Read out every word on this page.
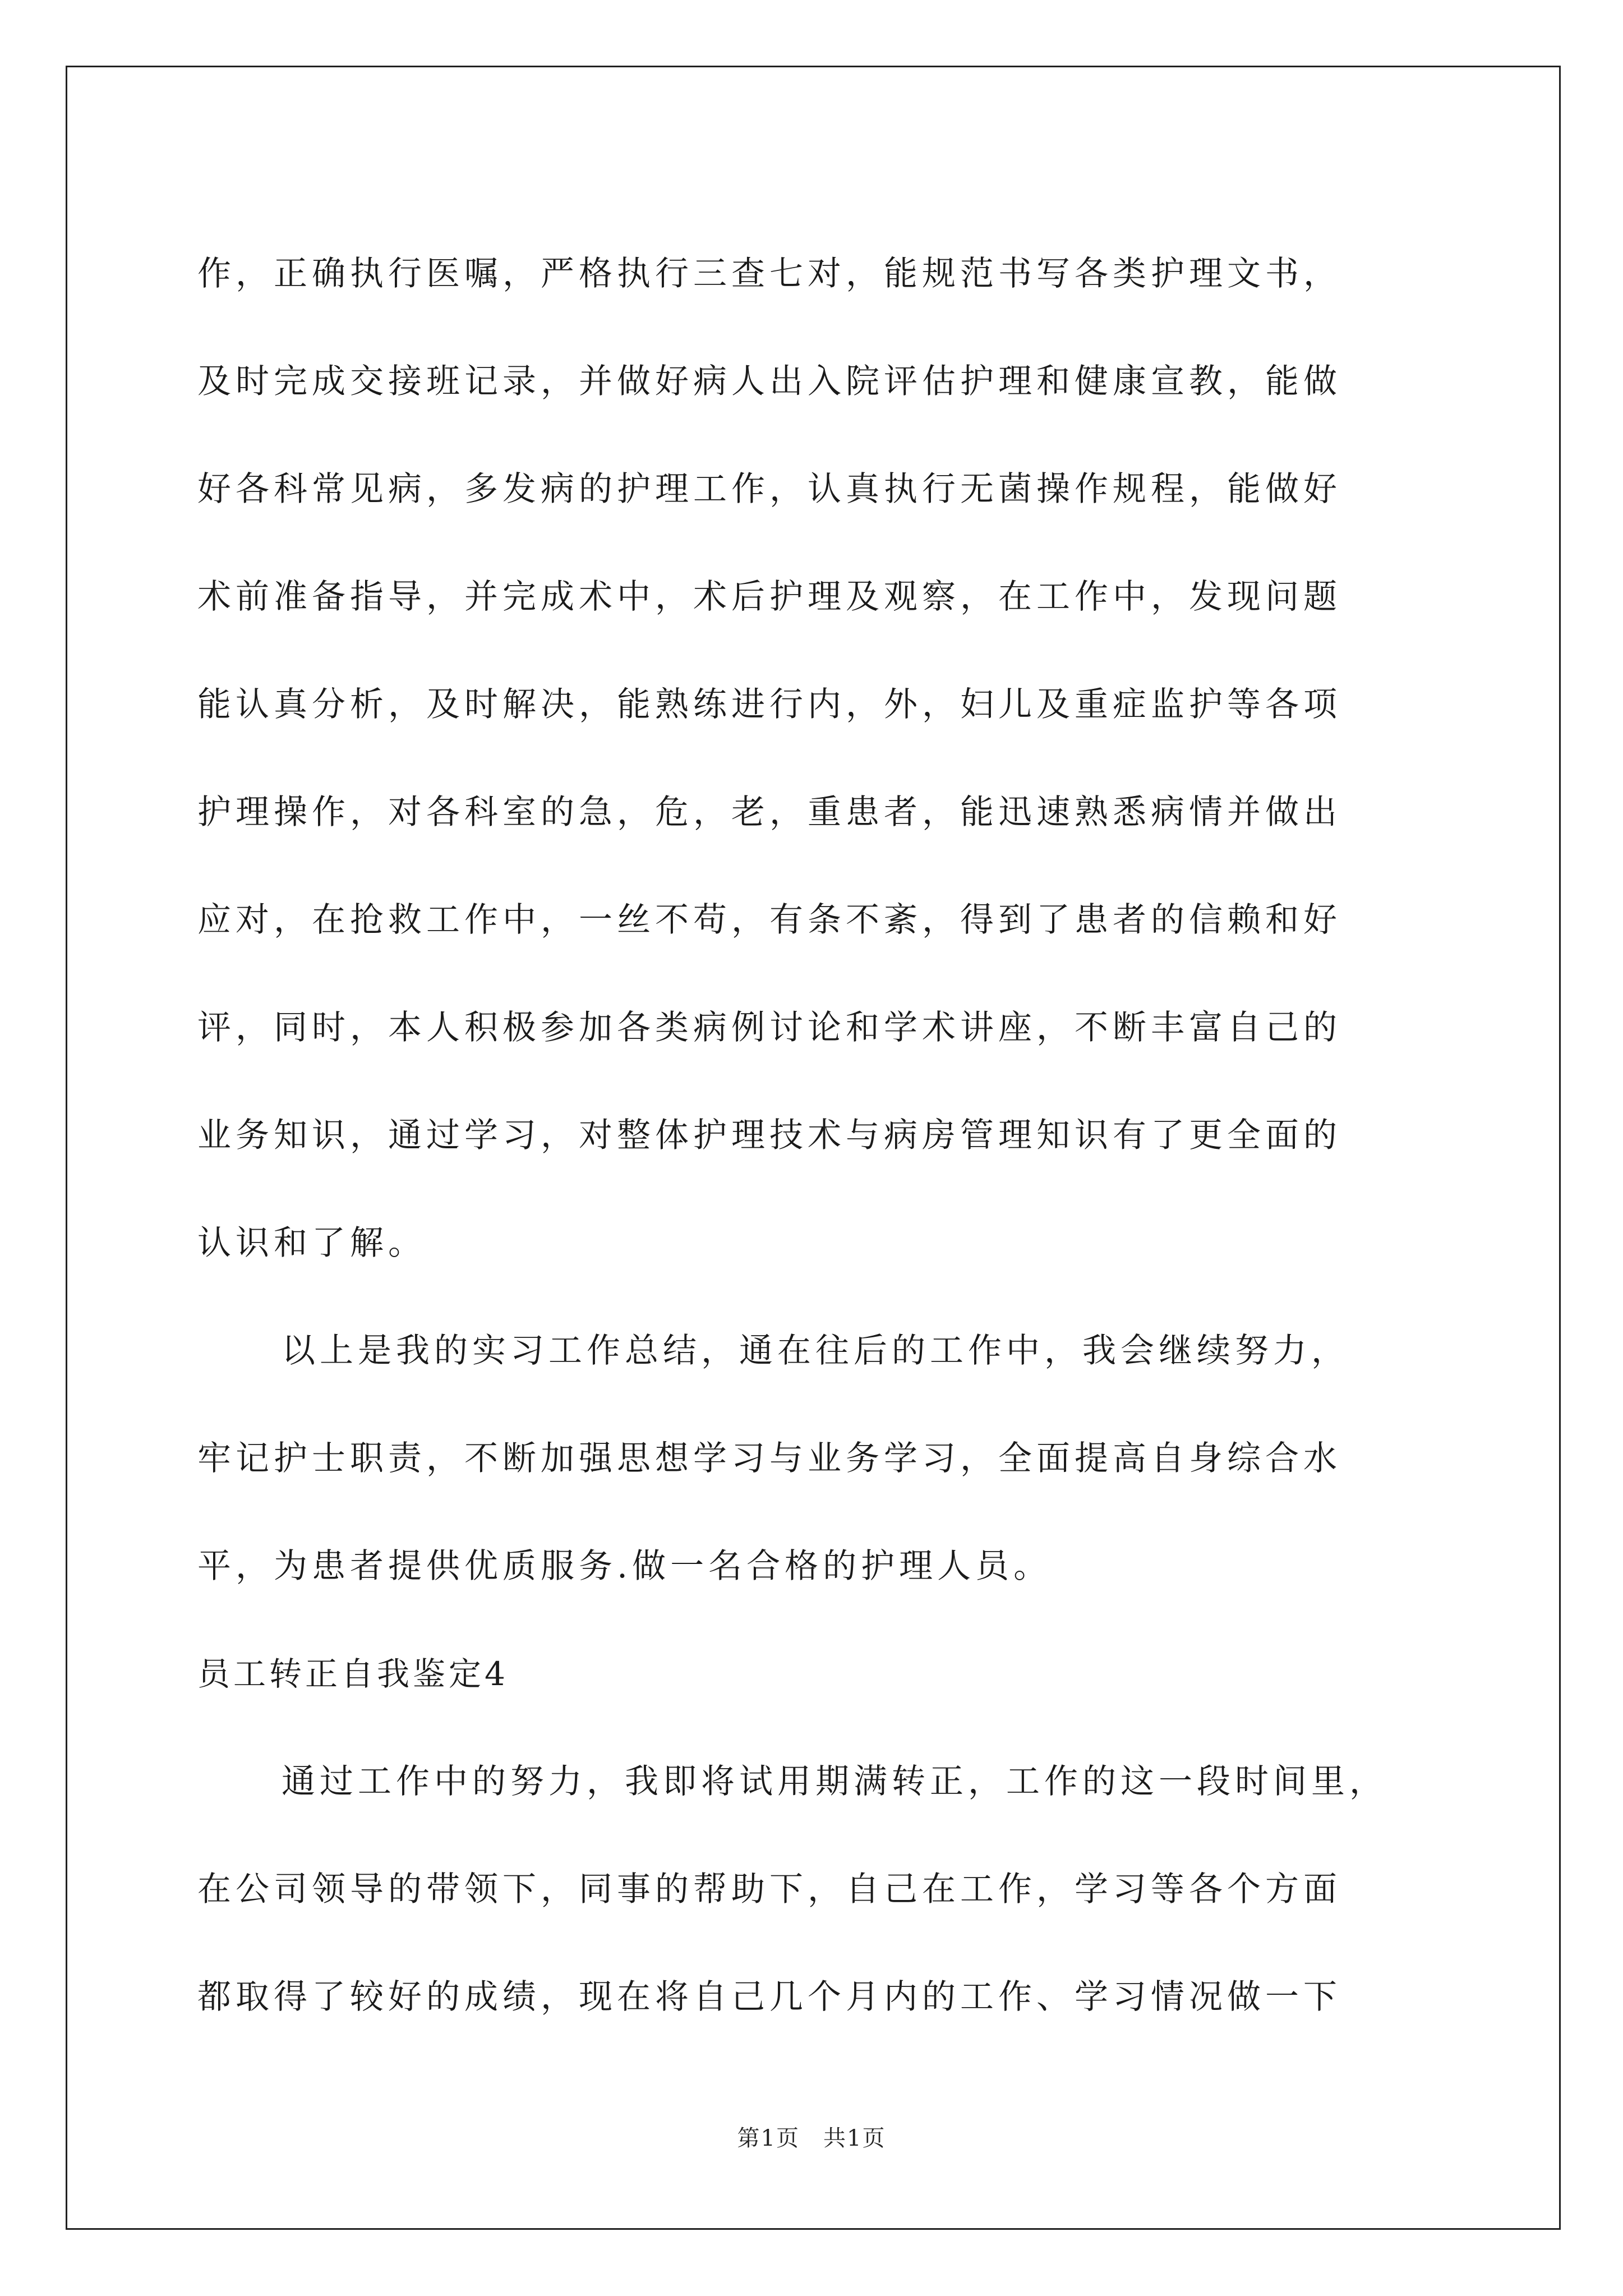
作，正确执行医嘱，严格执行三查七对，能规范书写各类护理文书，
及时完成交接班记录，并做好病人出入院评估护理和健康宣教，能做
好各科常见病，多发病的护理工作，认真执行无菌操作规程，能做好
术前准备指导，并完成术中，术后护理及观察，在工作中，发现问题
能认真分析，及时解决，能熟练进行内，外，妇儿及重症监护等各项
护理操作，对各科室的急，危，老，重患者，能迅速熟悉病情并做出
应对，在抢救工作中，一丝不苟，有条不紊，得到了患者的信赖和好
评，同时，本人积极参加各类病例讨论和学术讲座，不断丰富自己的
业务知识，通过学习，对整体护理技术与病房管理知识有了更全面的
认识和了解。
以上是我的实习工作总结，通在往后的工作中，我会继续努力，
牢记护士职责，不断加强思想学习与业务学习，全面提高自身综合水
平，为患者提供优质服务.做一名合格的护理人员。
员工转正自我鉴定4
通过工作中的努力，我即将试用期满转正，工作的这一段时间里，
在公司领导的带领下，同事的帮助下，自己在工作，学习等各个方面
都取得了较好的成绩，现在将自己几个月内的工作、学习情况做一下
第1页　共1页
